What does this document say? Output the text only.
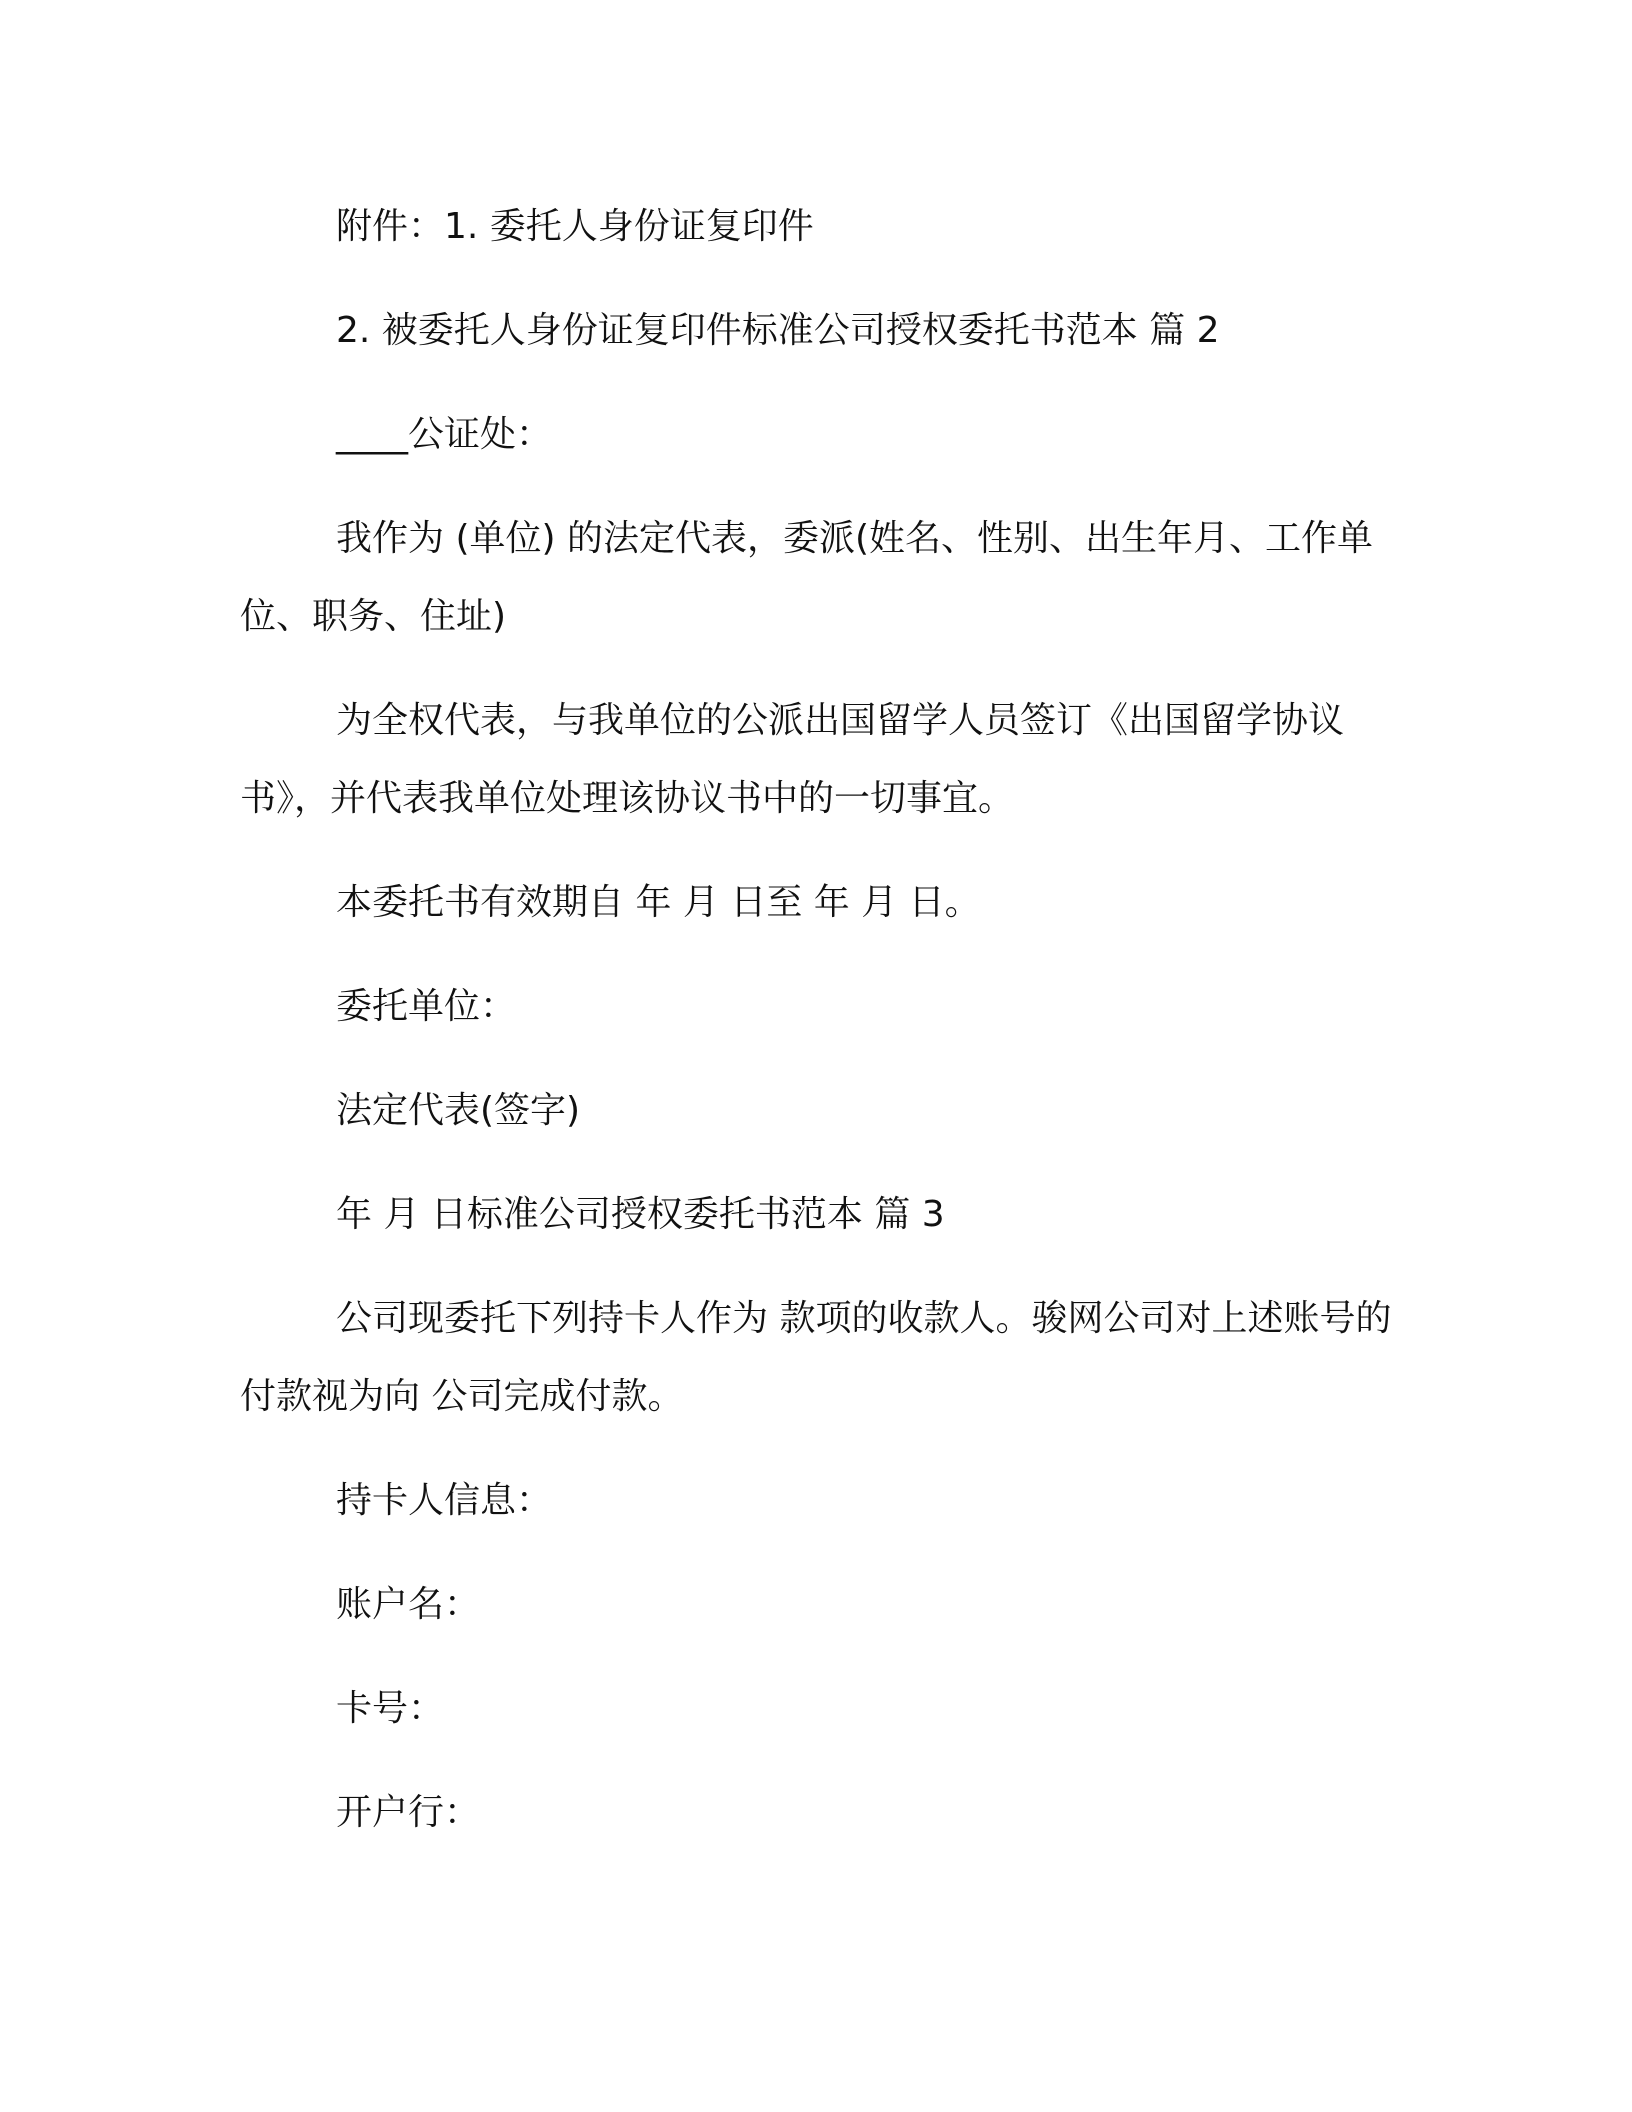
附件：1. 委托人身份证复印件

2. 被委托人身份证复印件标准公司授权委托书范本 篇 2

____公证处：

我作为 (单位) 的法定代表，委派(姓名、性别、出生年月、工作单位、职务、住址)

为全权代表，与我单位的公派出国留学人员签订《出国留学协议书》，并代表我单位处理该协议书中的一切事宜。

本委托书有效期自 年 月 日至 年 月 日。

委托单位：

法定代表(签字)

年 月 日标准公司授权委托书范本 篇 3

公司现委托下列持卡人作为 款项的收款人。骏网公司对上述账号的付款视为向 公司完成付款。

持卡人信息：

账户名：

卡号：

开户行：
